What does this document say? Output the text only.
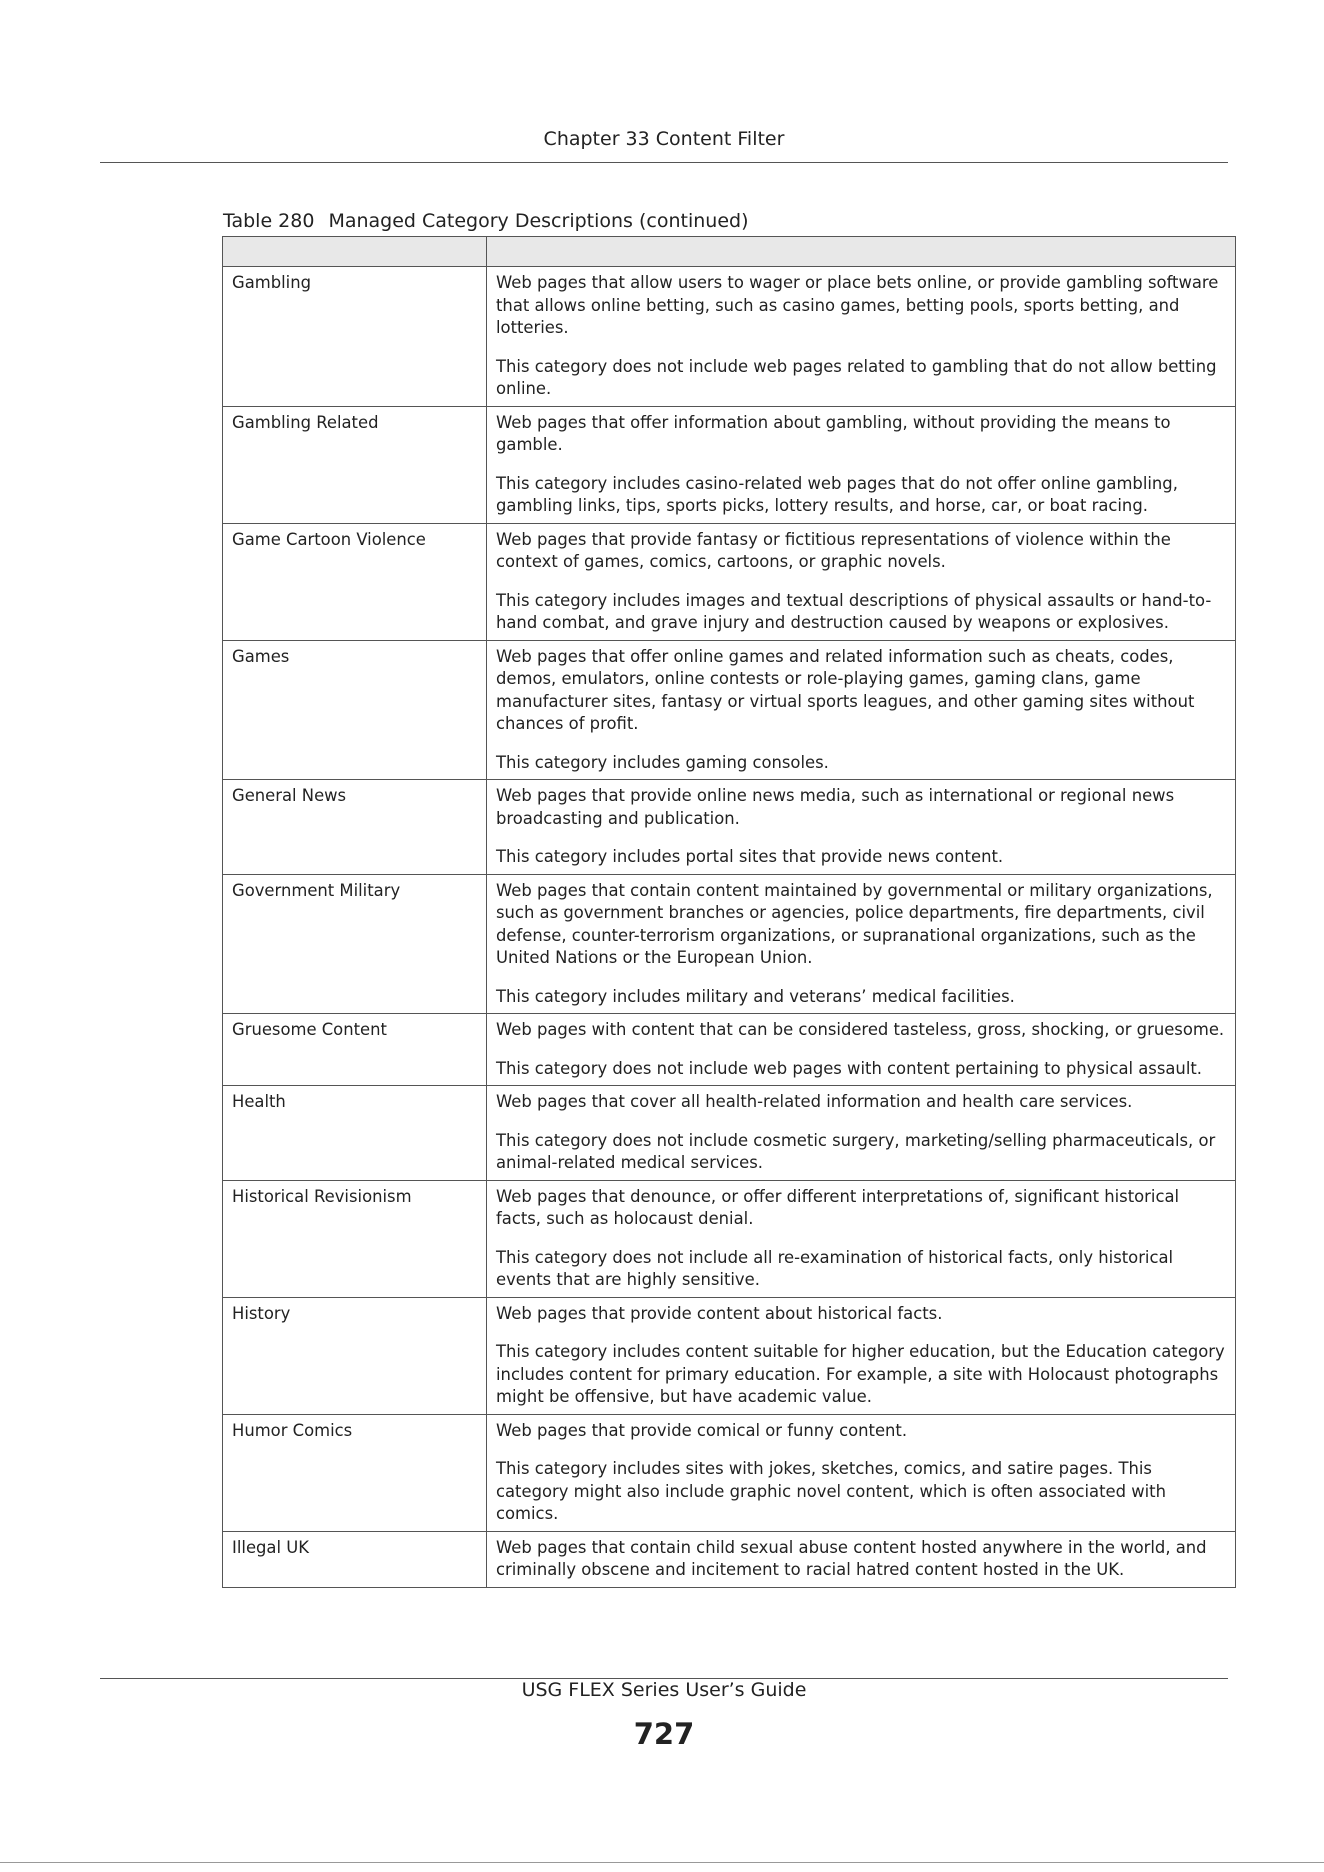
Chapter 33 Content Filter
Table 280 Managed Category Descriptions (continued)

Gambling	Web pages that allow users to wager or place bets online, or provide gambling software that allows online betting, such as casino games, betting pools, sports betting, and lotteries.

This category does not include web pages related to gambling that do not allow betting online.

Gambling Related	Web pages that offer information about gambling, without providing the means to gamble.

This category includes casino-related web pages that do not offer online gambling, gambling links, tips, sports picks, lottery results, and horse, car, or boat racing.

Game Cartoon Violence	Web pages that provide fantasy or fictitious representations of violence within the context of games, comics, cartoons, or graphic novels.

This category includes images and textual descriptions of physical assaults or hand-to-hand combat, and grave injury and destruction caused by weapons or explosives.

Games	Web pages that offer online games and related information such as cheats, codes, demos, emulators, online contests or role-playing games, gaming clans, game manufacturer sites, fantasy or virtual sports leagues, and other gaming sites without chances of profit.

This category includes gaming consoles.

General News	Web pages that provide online news media, such as international or regional news broadcasting and publication.

This category includes portal sites that provide news content.

Government Military	Web pages that contain content maintained by governmental or military organizations, such as government branches or agencies, police departments, fire departments, civil defense, counter-terrorism organizations, or supranational organizations, such as the United Nations or the European Union.

This category includes military and veterans’ medical facilities.

Gruesome Content	Web pages with content that can be considered tasteless, gross, shocking, or gruesome.

This category does not include web pages with content pertaining to physical assault.

Health	Web pages that cover all health-related information and health care services.

This category does not include cosmetic surgery, marketing/selling pharmaceuticals, or animal-related medical services.

Historical Revisionism	Web pages that denounce, or offer different interpretations of, significant historical facts, such as holocaust denial.

This category does not include all re-examination of historical facts, only historical events that are highly sensitive.

History	Web pages that provide content about historical facts.

This category includes content suitable for higher education, but the Education category includes content for primary education. For example, a site with Holocaust photographs might be offensive, but have academic value.

Humor Comics	Web pages that provide comical or funny content.

This category includes sites with jokes, sketches, comics, and satire pages. This category might also include graphic novel content, which is often associated with comics.

Illegal UK	Web pages that contain child sexual abuse content hosted anywhere in the world, and criminally obscene and incitement to racial hatred content hosted in the UK.

USG FLEX Series User’s Guide
727
